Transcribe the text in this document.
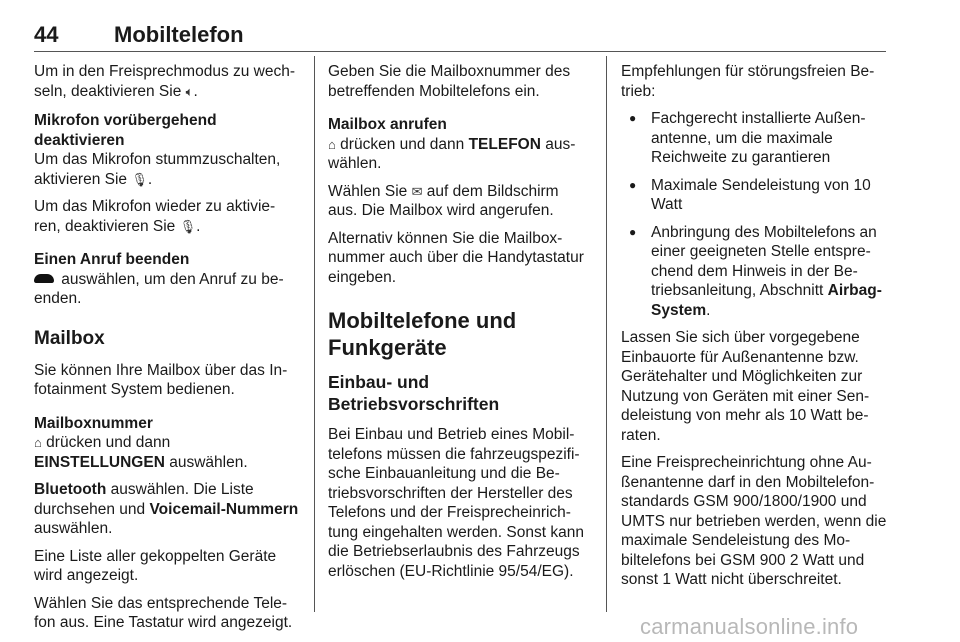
44	Mobiltelefon

Um in den Freisprechmodus zu wech-seln, deaktivieren Sie 🔈︎.

Mikrofon vorübergehend deaktivieren

Um das Mikrofon stummzuschalten, aktivieren Sie 🎙︎.

Um das Mikrofon wieder zu aktivie-ren, deaktivieren Sie 🎙︎.

Einen Anruf beenden

auswählen, um den Anruf zu be-enden.

Mailbox

Sie können Ihre Mailbox über das In-fotainment System bedienen.

Mailboxnummer

⌂ drücken und dann
EINSTELLUNGEN auswählen.

Bluetooth auswählen. Die Liste durchsehen und Voicemail-Nummern auswählen.

Eine Liste aller gekoppelten Geräte wird angezeigt.

Wählen Sie das entsprechende Tele-fon aus. Eine Tastatur wird angezeigt.

Geben Sie die Mailboxnummer des betreffenden Mobiltelefons ein.

Mailbox anrufen

⌂ drücken und dann TELEFON aus-wählen.

Wählen Sie ✉︎ auf dem Bildschirm aus. Die Mailbox wird angerufen.

Alternativ können Sie die Mailbox-nummer auch über die Handytastatur eingeben.

Mobiltelefone und Funkgeräte

Einbau- und Betriebsvorschriften

Bei Einbau und Betrieb eines Mobil-telefons müssen die fahrzeugspezifi-sche Einbauanleitung und die Be-triebsvorschriften der Hersteller des Telefons und der Freisprecheinrich-tung eingehalten werden. Sonst kann die Betriebserlaubnis des Fahrzeugs erlöschen (EU-Richtlinie 95/54/EG).

Empfehlungen für störungsfreien Be-trieb:

● Fachgerecht installierte Außen-antenne, um die maximale Reichweite zu garantieren

● Maximale Sendeleistung von 10 Watt

● Anbringung des Mobiltelefons an einer geeigneten Stelle entspre-chend dem Hinweis in der Be-triebsanleitung, Abschnitt Airbag-System.

Lassen Sie sich über vorgegebene Einbauorte für Außenantenne bzw. Gerätehalter und Möglichkeiten zur Nutzung von Geräten mit einer Sen-deleistung von mehr als 10 Watt be-raten.

Eine Freisprecheinrichtung ohne Au-ßenantenne darf in den Mobiltelefon-standards GSM 900/1800/1900 und UMTS nur betrieben werden, wenn die maximale Sendeleistung des Mo-biltelefons bei GSM 900 2 Watt und sonst 1 Watt nicht überschreitet.

carmanualsonline.info
